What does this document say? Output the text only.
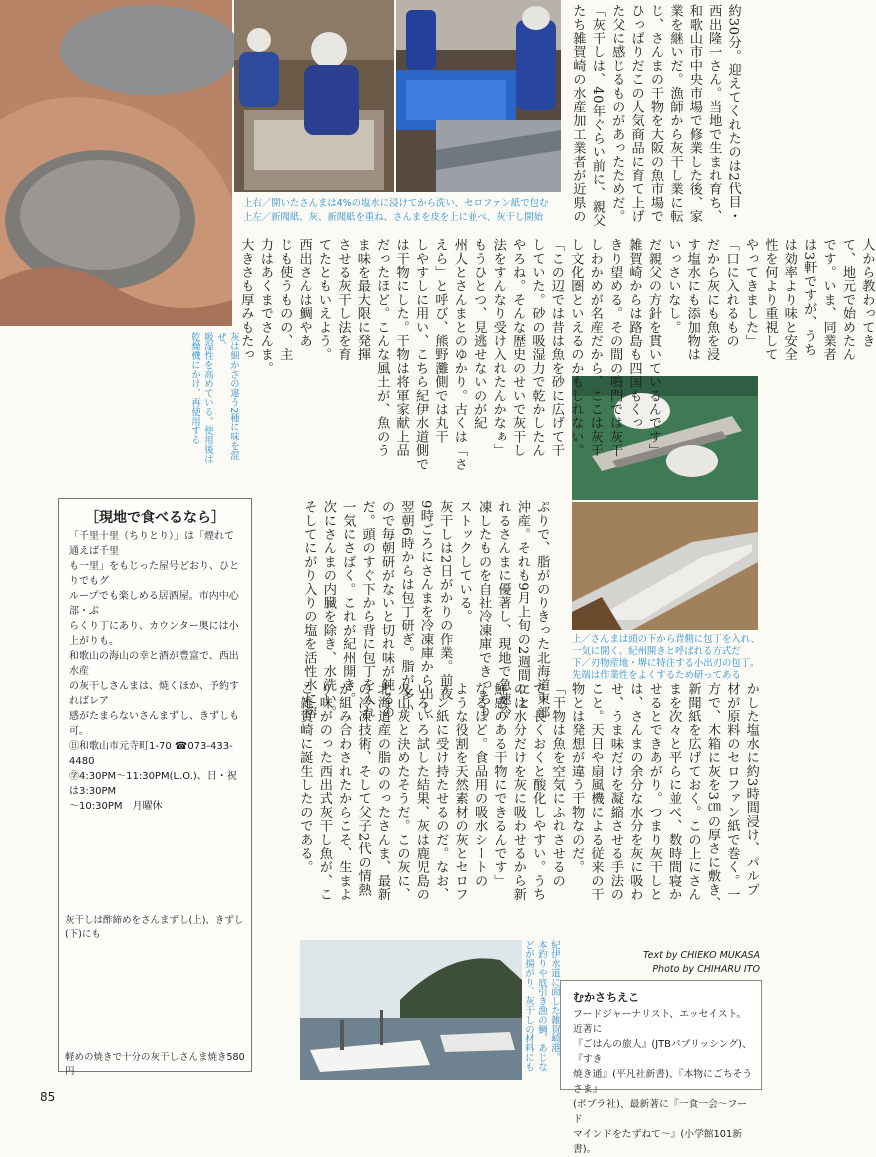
上右／開いたさんまは4%の塩水に浸けてから洗い、セロファン紙で包む
上左／新聞紙、灰、新聞紙を重ね、さんまを皮を上に並べ、灰干し開始
灰は細かさの違う2種に味を混ぜ、
吸湿性を高めている。使用後は
乾燥機にかけ、再使用する
上／さんまは頭の下から背側に包丁を入れ、
一気に開く。紀州開きと呼ばれる方式だ
下／刃物産地・堺に特注する小出刃の包丁。
先端は作業性をよくするため研ってある
紀伊水道に面した雑賀崎港。
本釣りや底引き漁の鯛、あじな
どが揚がり、灰干しの材料にも
約30分。迎えてくれたのは2代目・
西出隆一さん。当地で生まれ育ち、
和歌山市中央市場で修業した後、家
業を継いだ。漁師から灰干し業に転
じ、さんまの干物を大阪の魚市場で
ひっぱりだこの人気商品に育て上げ
た父に感じるものがあったためだ。
「灰干しは、40年ぐらい前に、親父
たち雑賀崎の水産加工業者が近県の
人から教わってき
て、地元で始めたん
です。いま、同業者
は3軒ですが、うち
は効率より味と安全
性を何より重視して
やってきました」
「口に入れるもの
だから灰にも魚を浸
す塩水にも添加物は
いっさいなし。
だ親父の方針を貫いているんです」
雑賀崎からは路島も四国もくっ
きり望める。その間の鳴門では灰干
しわかめが名産だから、ここは灰干
し文化圏といえるのかもしれない。
「この辺では昔は魚を砂に広げて干
していた。砂の吸湿力で乾かしたん
やろね。そんな歴史のせいで灰干し
法をすんなり受け入れたんかなぁ」
もうひとつ、見逃せないのが紀
州人とさんまとのゆかり。古くは「さ
えら」と呼び、熊野灘側では丸干
しやすしに用い、こちら紀伊水道側で
は干物にした。干物は将軍家献上品
だったほど。こんな風土が、魚のう
ま味を最大限に発揮
させる灰干し法を育
てたともいえよう。
西出さんは鯛やあ
じも使うものの、主
力はあくまでさんま。
大きさも厚みもたっ
ぷりで、脂がのりきった北海道東部
沖産。それも9月上旬の2週間にと
れるさんまに優著し、現地で急速冷
凍したものを自社冷凍庫できっちり
ストックしている。
灰干しは2日がかりの作業。前夜
9時ごろにさんまを冷凍庫から出し、
翌朝6時からは包丁研ぎ。脂が多い
ので毎朝研がないと切れ味が鈍るの
だ。頭のすぐ下から背に包丁を入れ
一気にさばく。これが紀州開き。
次にさんまの内臓を除き、水洗い。
そしてにがり入りの塩を活性水に溶
かした塩水に約3時間浸け、パルプ
材が原料のセロファン紙で巻く。一
方で、木箱に灰を3㎝の厚さに敷き、
新聞紙を広げておく。この上にさん
まを次々と平らに並べ、数時間寝か
せるとできあがり。つまり灰干しと
は、さんまの余分な水分を灰に吸わ
せ、うま味だけを凝縮させる手法の
こと。天日や扇風機による従来の干
物とは発想が違う干物なのだ。
「干物は魚を空気にふれさせるの
で、長くおくと酸化しやすい。うち
のは水分だけを灰に吸わせるから新
鮮感のある干物にできるんです」
なるほど。食品用の吸水シートの
ような役割を天然素材の灰とセロフ
ァン紙に受け持たせるのだ。なお、
いろいろ試した結果、灰は鹿児島の
火山灰と決めたそうだ。この灰に、
北海道産の脂ののったさんま、最新
の冷凍技術、そして父子2代の情熱
が組み合わされたからこそ、生まよ
り味がのった西出式灰干し魚が、こ
こ雑賀崎に誕生したのである。
［現地で食べるなら］
「千里十里（ちりとり）」は「煙れて通えば千里
も一里」をもじった屋号どおり、ひとりでもグ
ループでも楽しめる居酒屋。市内中心部・ぶ
らくり丁にあり、カウンター奥には小上がりも。
和歌山の海山の幸と酒が豊富で、西出水産
の灰干しさんまは、焼くほか、予約すればレア
感がたまらないさんまずし、きずしも可。
㊐和歌山市元寺町1-70 ☎073-433-4480
㊫4:30PM〜11:30PM(L.O.)、日・祝は3:30PM
〜10:30PM　月曜休
灰干しは酢締めをさんまずし(上)、きずし(下)にも
軽めの焼きで十分の灰干しさんま焼き580円
Text by CHIEKO MUKASA
Photo by CHIHARU ITO
むかさちえこ
フードジャーナリスト、エッセイスト。近著に
『ごはんの旅人』(JTBパブリッシング)、『すき
焼き通』(平凡社新書)、『本物にごちそうさま』
(ポプラ社)、最新著に『一食一会〜フード
マインドをたずねて〜』(小学館101新書)。
85
